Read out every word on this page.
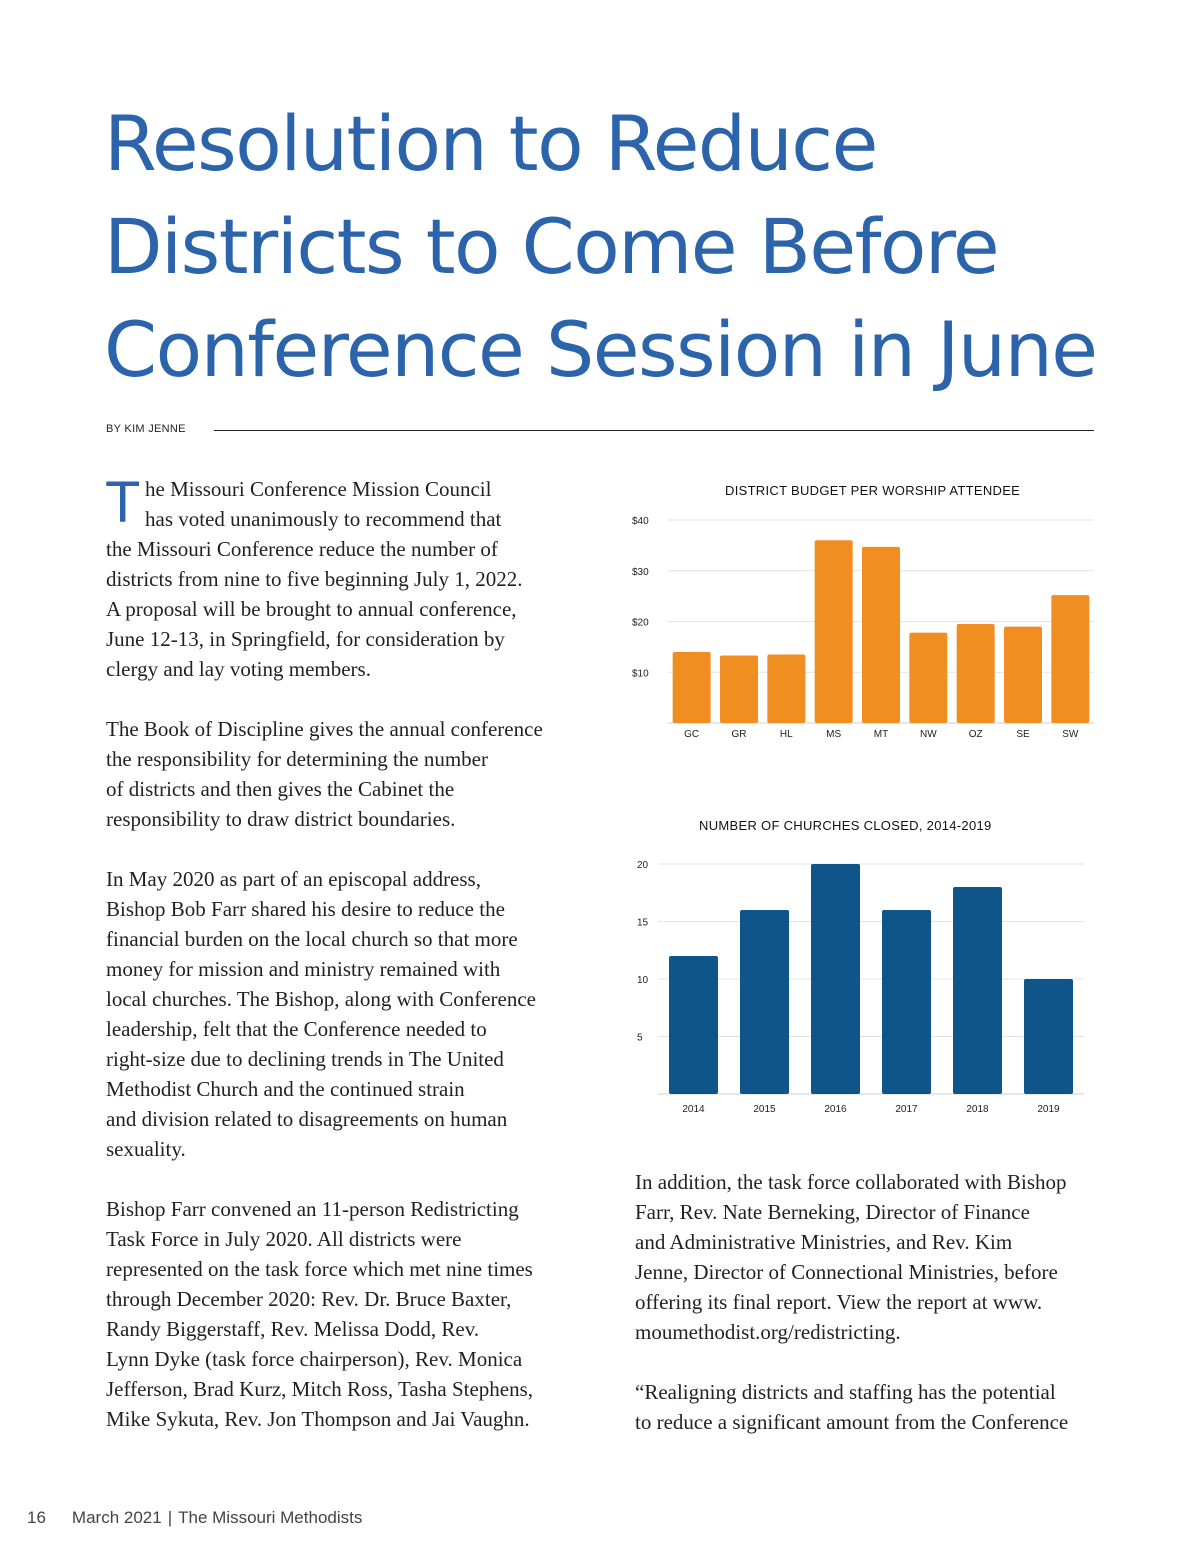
Resolution to Reduce
Districts to Come Before
Conference Session in June
BY KIM JENNE
T he Missouri Conference Mission Council
has voted unanimously to recommend that
the Missouri Conference reduce the number of
districts from nine to five beginning July 1, 2022.
A proposal will be brought to annual conference,
June 12-13, in Springfield, for consideration by
clergy and lay voting members.
The Book of Discipline gives the annual conference
the responsibility for determining the number
of districts and then gives the Cabinet the
responsibility to draw district boundaries.
In May 2020 as part of an episcopal address,
Bishop Bob Farr shared his desire to reduce the
financial burden on the local church so that more
money for mission and ministry remained with
local churches. The Bishop, along with Conference
leadership, felt that the Conference needed to
right-size due to declining trends in The United
Methodist Church and the continued strain
and division related to disagreements on human
sexuality.
Bishop Farr convened an 11-person Redistricting
Task Force in July 2020. All districts were
represented on the task force which met nine times
through December 2020: Rev. Dr. Bruce Baxter,
Randy Biggerstaff, Rev. Melissa Dodd, Rev.
Lynn Dyke (task force chairperson), Rev. Monica
Jefferson, Brad Kurz, Mitch Ross, Tasha Stephens,
Mike Sykuta, Rev. Jon Thompson and Jai Vaughn.
DISTRICT BUDGET PER WORSHIP ATTENDEE
$10
$20
$30
$40
GC	GR	HL	MS	MT	NW	OZ	SE	SW
NUMBER OF CHURCHES CLOSED, 2014-2019
5
10
15
20
2014	2015	2016	2017	2018	2019
In addition, the task force collaborated with Bishop
Farr, Rev. Nate Berneking, Director of Finance
and Administrative Ministries, and Rev. Kim
Jenne, Director of Connectional Ministries, before
offering its final report. View the report at www.
moumethodist.org/redistricting.
“Realigning districts and staffing has the potential
to reduce a significant amount from the Conference
16 March 2021 | The Missouri Methodists
